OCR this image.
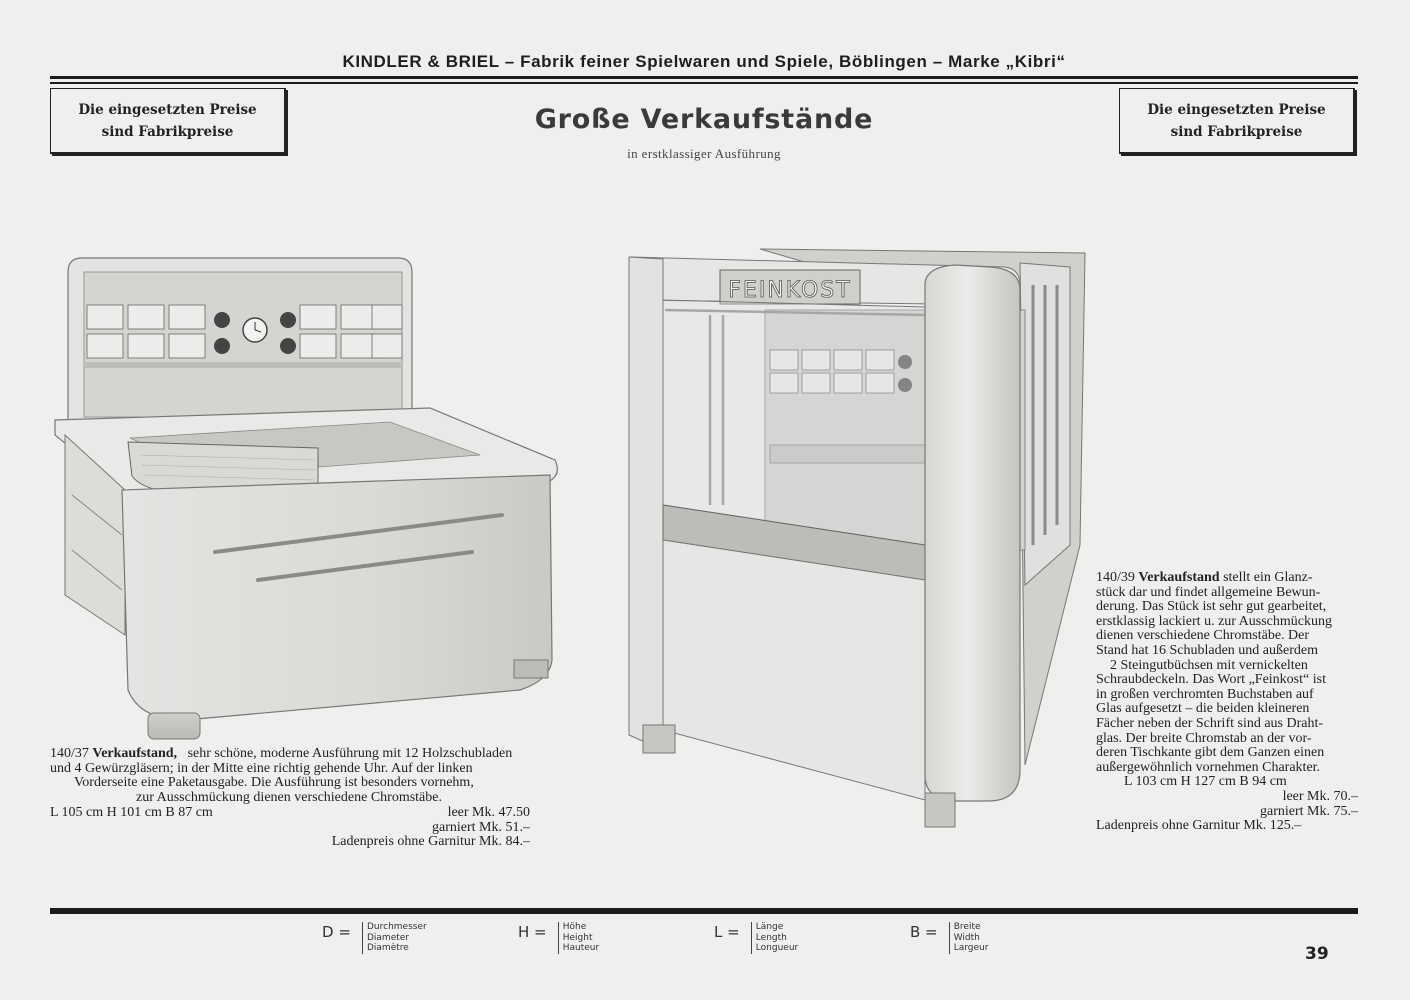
KINDLER & BRIEL – Fabrik feiner Spielwaren und Spiele, Böblingen – Marke „Kibri“
Die eingesetzten Preise
sind Fabrikpreise
Die eingesetzten Preise
sind Fabrikpreise
Große Verkaufstände
in erstklassiger Ausführung
FEINKOST
140/37 Verkaufstand, sehr schöne, moderne Ausführung mit 12 Holzschubladen
und 4 Gewürzgläsern; in der Mitte eine richtig gehende Uhr. Auf der linken
Vorderseite eine Paketausgabe. Die Ausführung ist besonders vornehm,
zur Ausschmückung dienen verschiedene Chromstäbe.
L 105 cm H 101 cm B 87 cm	leer Mk. 47.50
garniert Mk. 51.–
Ladenpreis ohne Garnitur Mk. 84.–
140/39 Verkaufstand stellt ein Glanz-
stück dar und findet allgemeine Bewun-
derung. Das Stück ist sehr gut gearbeitet,
erstklassig lackiert u. zur Ausschmückung
dienen verschiedene Chromstäbe. Der
Stand hat 16 Schubladen und außerdem
2 Steingutbüchsen mit vernickelten
Schraubdeckeln. Das Wort „Feinkost“ ist
in großen verchromten Buchstaben auf
Glas aufgesetzt – die beiden kleineren
Fächer neben der Schrift sind aus Draht-
glas. Der breite Chromstab an der vor-
deren Tischkante gibt dem Ganzen einen
außergewöhnlich vornehmen Charakter.
L 103 cm H 127 cm B 94 cm
leer Mk. 70.–
garniert Mk. 75.–
Ladenpreis ohne Garnitur Mk. 125.–
D = Durchmesser
Diameter
Diamètre
H = Höhe
Height
Hauteur
L = Länge
Length
Longueur
B = Breite
Width
Largeur	39
